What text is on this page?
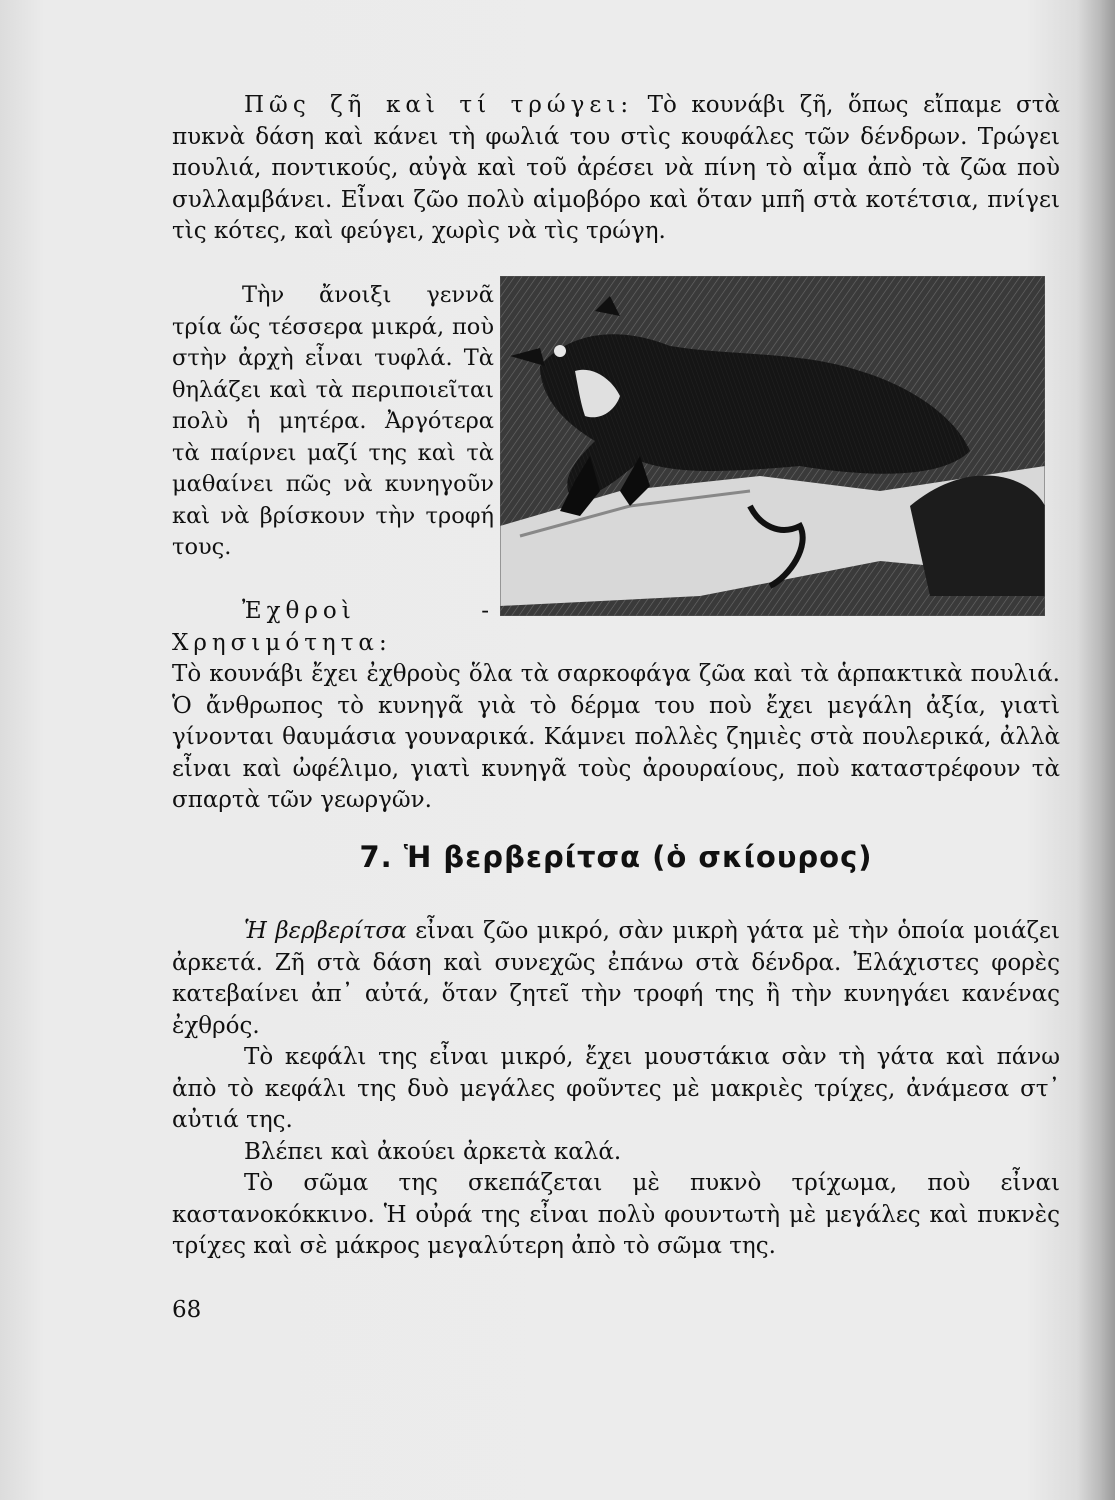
Πῶς ζῆ καὶ τί τρώγει: Τὸ κουνάβι ζῆ, ὅπως εἴπαμε στὰ πυκνὰ δάση καὶ κάνει τὴ φωλιά του στὶς κουφάλες τῶν δένδρων. Τρώγει πουλιά, ποντικούς, αὐγὰ καὶ τοῦ ἀρέσει νὰ πίνη τὸ αἷμα ἀπὸ τὰ ζῶα ποὺ συλλαμβάνει. Εἶναι ζῶο πολὺ αἱμοβόρο καὶ ὅταν μπῆ στὰ κοτέτσια, πνίγει τὶς κότες, καὶ φεύγει, χωρὶς νὰ τὶς τρώγη.

Τὴν ἄνοιξι γεννᾶ τρία ὥς τέσσερα μικρά, ποὺ στὴν ἀρχὴ εἶναι τυφλά. Τὰ θηλάζει καὶ τὰ περιποιεῖται πολὺ ἡ μητέρα. Ἀργότερα τὰ παίρνει μαζί της καὶ τὰ μαθαίνει πῶς νὰ κυνηγοῦν καὶ νὰ βρίσκουν τὴν τροφή τους.

Ἐχθροὶ - Χρησιμότητα:
Τὸ κουνάβι ἔχει ἐχθροὺς ὅλα τὰ σαρκοφάγα ζῶα καὶ τὰ ἁρπακτικὰ πουλιά. Ὁ ἄνθρωπος τὸ κυνηγᾶ γιὰ τὸ δέρμα του ποὺ ἔχει μεγάλη ἀξία, γιατὶ γίνονται θαυμάσια γουναρικά. Κάμνει πολλὲς ζημιὲς στὰ πουλερικά, ἀλλὰ εἶναι καὶ ὠφέλιμο, γιατὶ κυνηγᾶ τοὺς ἀρουραίους, ποὺ καταστρέφουν τὰ σπαρτὰ τῶν γεωργῶν.

7. Ἡ βερβερίτσα (ὁ σκίουρος)

Ἡ βερβερίτσα εἶναι ζῶο μικρό, σὰν μικρὴ γάτα μὲ τὴν ὁποία μοιάζει ἀρκετά. Ζῆ στὰ δάση καὶ συνεχῶς ἐπάνω στὰ δένδρα. Ἐλάχιστες φορὲς κατεβαίνει ἀπ᾿ αὐτά, ὅταν ζητεῖ τὴν τροφή της ἢ τὴν κυνηγάει κανένας ἐχθρός.

Τὸ κεφάλι της εἶναι μικρό, ἔχει μουστάκια σὰν τὴ γάτα καὶ πάνω ἀπὸ τὸ κεφάλι της δυὸ μεγάλες φοῦντες μὲ μακριὲς τρίχες, ἀνάμεσα στ᾿ αὐτιά της.

Βλέπει καὶ ἀκούει ἀρκετὰ καλά.

Τὸ σῶμα της σκεπάζεται μὲ πυκνὸ τρίχωμα, ποὺ εἶναι καστανοκόκκινο. Ἡ οὐρά της εἶναι πολὺ φουντωτὴ μὲ μεγάλες καὶ πυκνὲς τρίχες καὶ σὲ μάκρος μεγαλύτερη ἀπὸ τὸ σῶμα της.

68
